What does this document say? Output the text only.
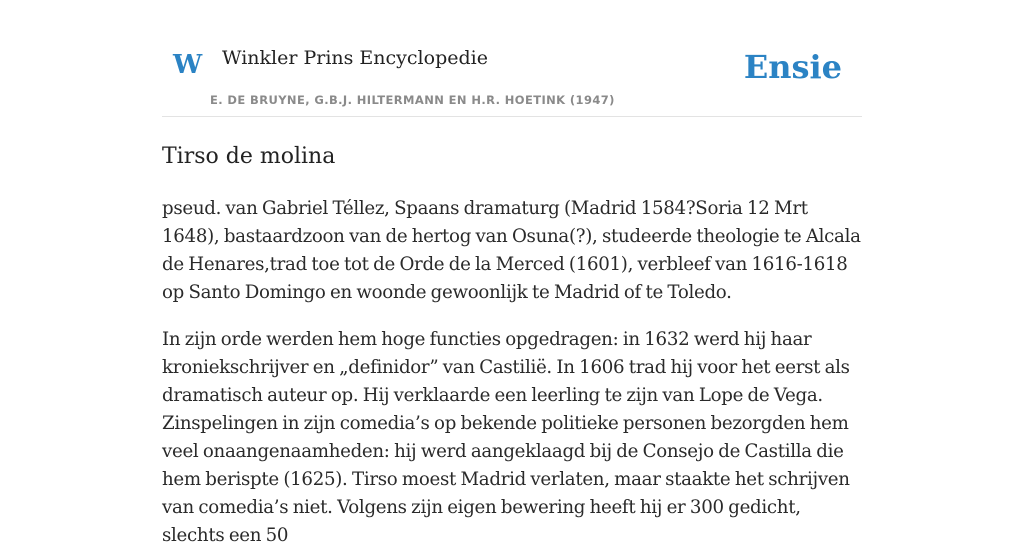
W Winkler Prins Encyclopedie
E. DE BRUYNE, G.B.J. HILTERMANN EN H.R. HOETINK (1947)
Ensie
Tirso de molina

pseud. van Gabriel Téllez, Spaans dramaturg (Madrid 1584?Soria 12 Mrt 1648), bastaardzoon van de hertog van Osuna(?), studeerde theologie te Alcala de Henares,trad toe tot de Orde de la Merced (1601), verbleef van 1616-1618 op Santo Domingo en woonde gewoonlijk te Madrid of te Toledo.

In zijn orde werden hem hoge functies opgedragen: in 1632 werd hij haar kroniekschrijver en „definidor” van Castilië. In 1606 trad hij voor het eerst als dramatisch auteur op. Hij verklaarde een leerling te zijn van Lope de Vega. Zinspelingen in zijn comedia’s op bekende politieke personen bezorgden hem veel onaangenaamheden: hij werd aangeklaagd bij de Consejo de Castilla die hem berispte (1625). Tirso moest Madrid verlaten, maar staakte het schrijven van comedia’s niet. Volgens zijn eigen bewering heeft hij er 300 gedicht, slechts een 50
